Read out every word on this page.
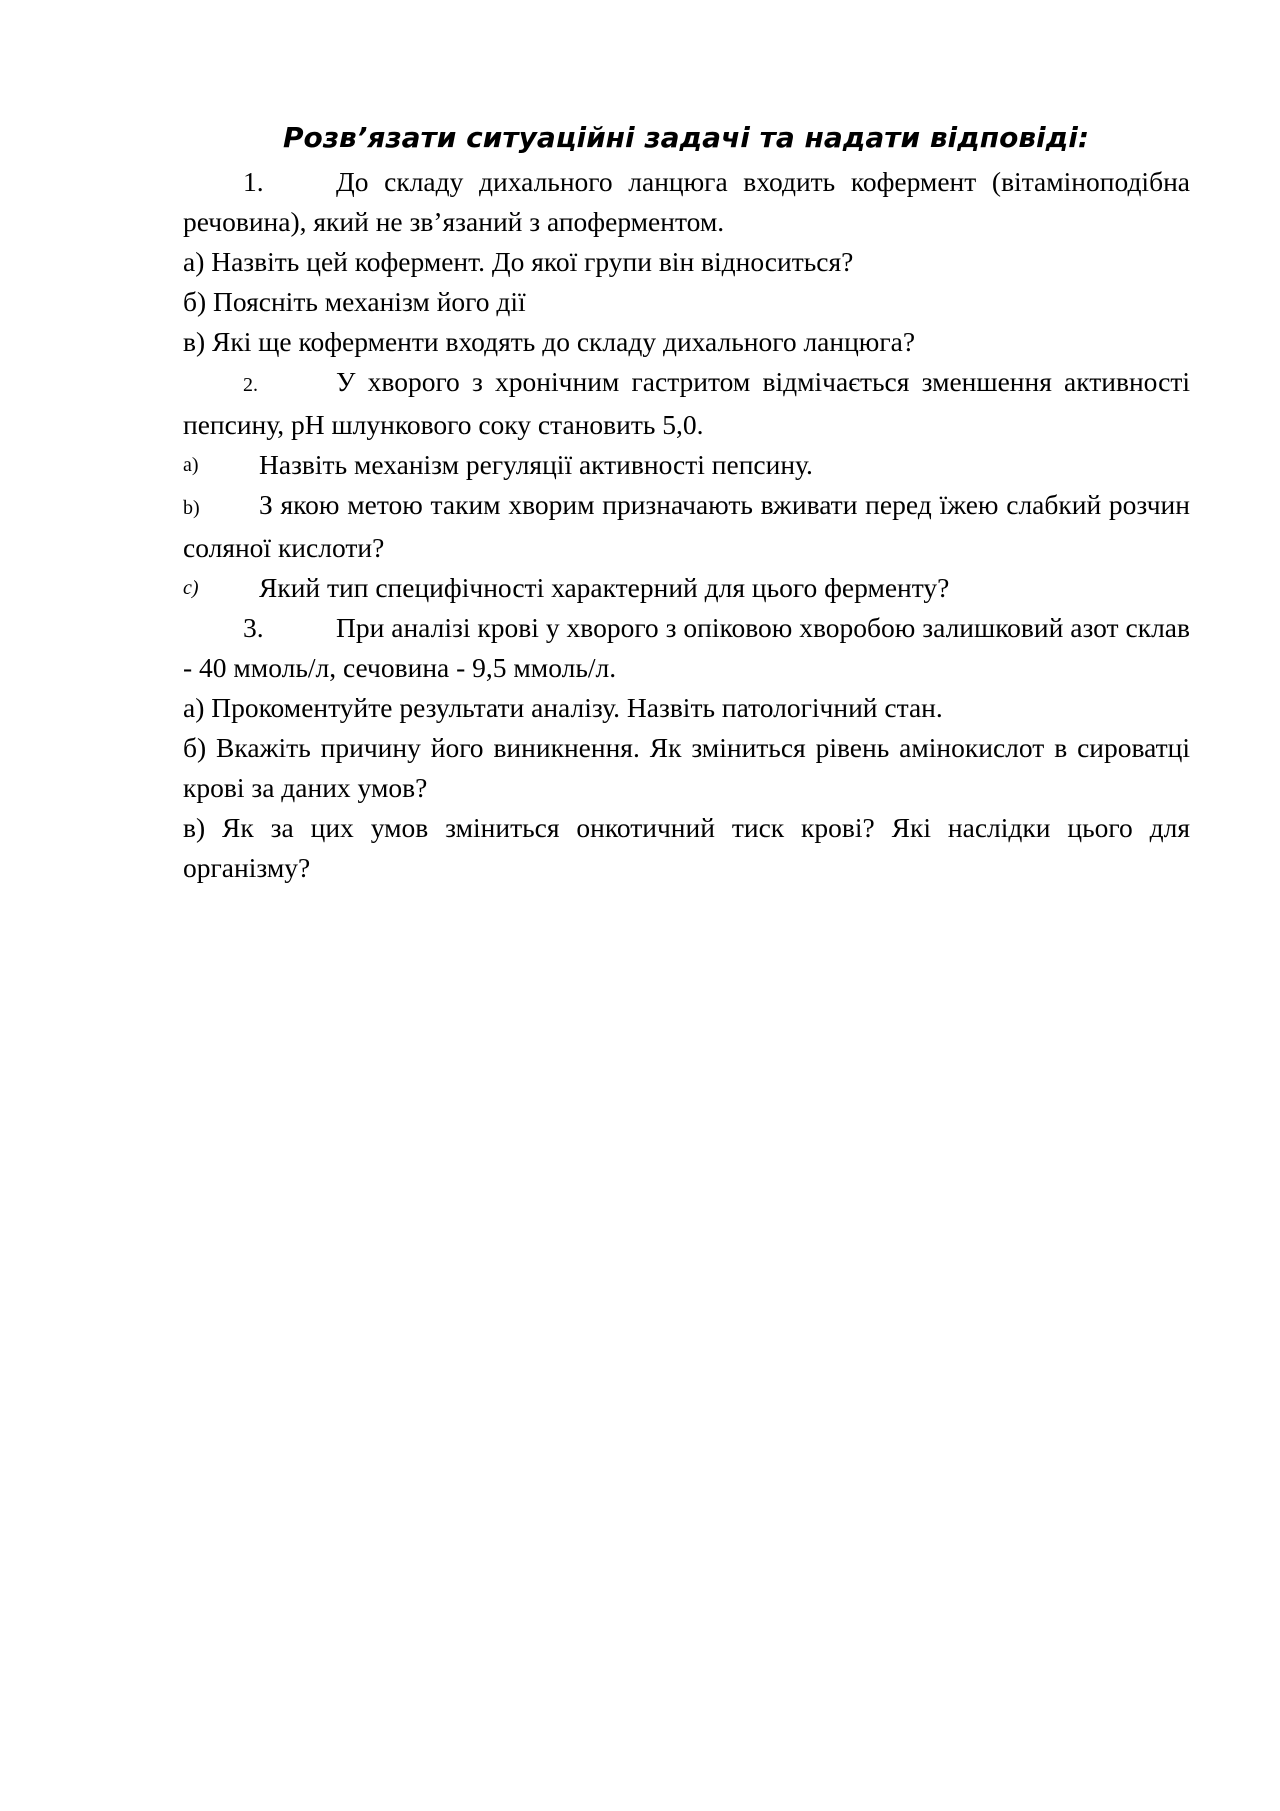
Розв’язати ситуаційні задачі та надати відповіді:

1.	До складу дихального ланцюга входить кофермент (вітаміноподібна речовина), який не зв’язаний з апоферментом.

а) Назвіть цей кофермент. До якої групи він відноситься?

б) Поясніть механізм його дії

в) Які ще коферменти входять до складу дихального ланцюга?

2.	У хворого з хронічним гастритом відмічається зменшення активності пепсину, рН шлункового соку становить 5,0.

a)	Назвіть механізм регуляції активності пепсину.

b) З якою метою таким хворим призначають вживати перед їжею слабкий розчин соляної кислоти?

c)	Який тип специфічності характерний для цього ферменту?

3.	При аналізі крові у хворого з опіковою хворобою залишковий азот склав - 40 ммоль/л, сечовина - 9,5 ммоль/л.

а) Прокоментуйте результати аналізу. Назвіть патологічний стан.

б) Вкажіть причину його виникнення. Як зміниться рівень амінокислот в сироватці крові за даних умов?

в) Як за цих умов зміниться онкотичний тиск крові? Які наслідки цього для організму?
